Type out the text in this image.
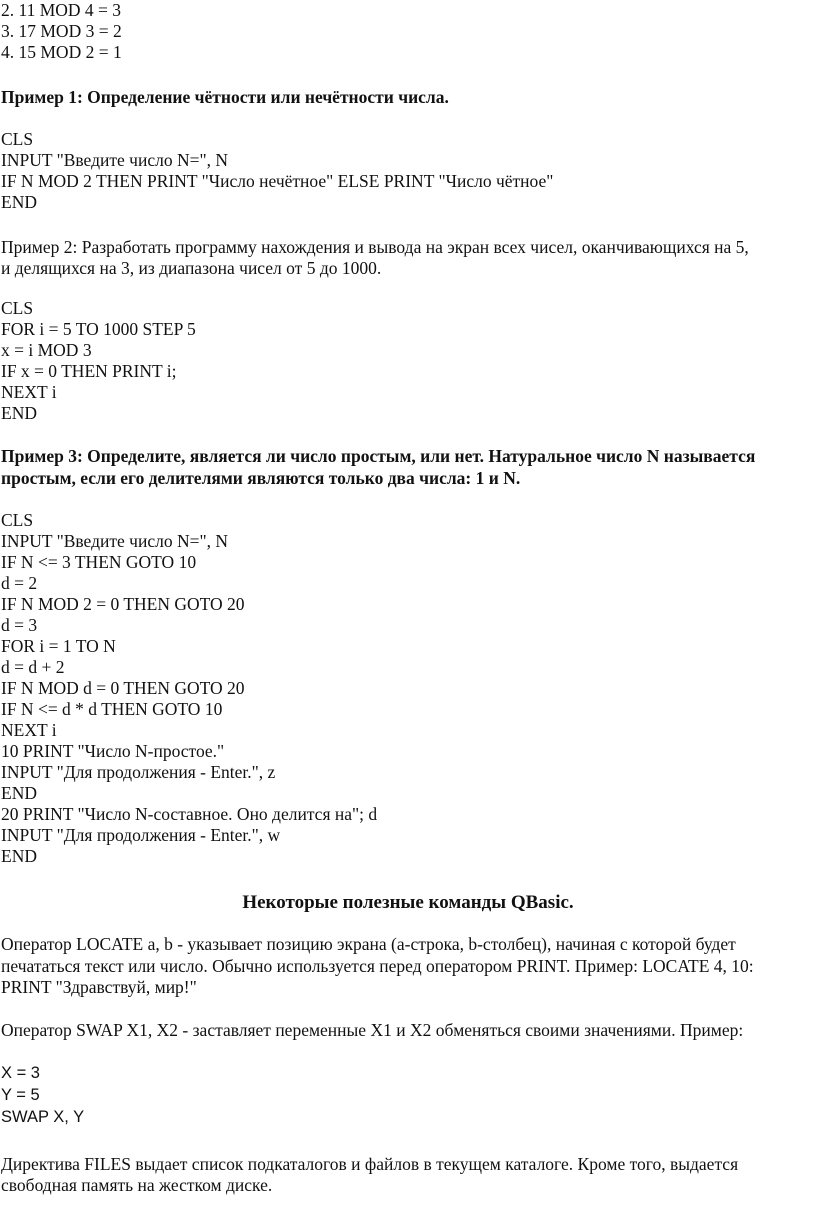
2. 11 MOD 4 = 3
3. 17 MOD 3 = 2
4. 15 MOD 2 = 1
Пример 1: Определение чётности или нечётности числа.
CLS
INPUT "Введите число N=", N
IF N MOD 2 THEN PRINT "Число нечётное" ELSE PRINT "Число чётное"
END
Пример 2: Разработать программу нахождения и вывода на экран всех чисел, оканчивающихся на 5,
и делящихся на 3, из диапазона чисел от 5 до 1000.
CLS
FOR i = 5 TO 1000 STEP 5
x = i MOD 3
IF x = 0 THEN PRINT i;
NEXT i
END
Пример 3: Определите, является ли число простым, или нет. Натуральное число N называется
простым, если его делителями являются только два числа: 1 и N.
CLS
INPUT "Введите число N=", N
IF N <= 3 THEN GOTO 10
d = 2
IF N MOD 2 = 0 THEN GOTO 20
d = 3
FOR i = 1 TO N
d = d + 2
IF N MOD d = 0 THEN GOTO 20
IF N <= d * d THEN GOTO 10
NEXT i
10 PRINT "Число N-простое."
INPUT "Для продолжения - Enter.", z
END
20 PRINT "Число N-составное. Оно делится на"; d
INPUT "Для продолжения - Enter.", w
END
Некоторые полезные команды QBasic.
Оператор LOCATE a, b - указывает позицию экрана (a-строка, b-столбец), начиная с которой будет
печататься текст или число. Обычно используется перед оператором PRINT. Пример: LOCATE 4, 10:
PRINT "Здравствуй, мир!"
Оператор SWAP X1, X2 - заставляет переменные X1 и X2 обменяться своими значениями. Пример:
X = 3
Y = 5
SWAP X, Y
Директива FILES выдает список подкаталогов и файлов в текущем каталоге. Кроме того, выдается
свободная память на жестком диске.
